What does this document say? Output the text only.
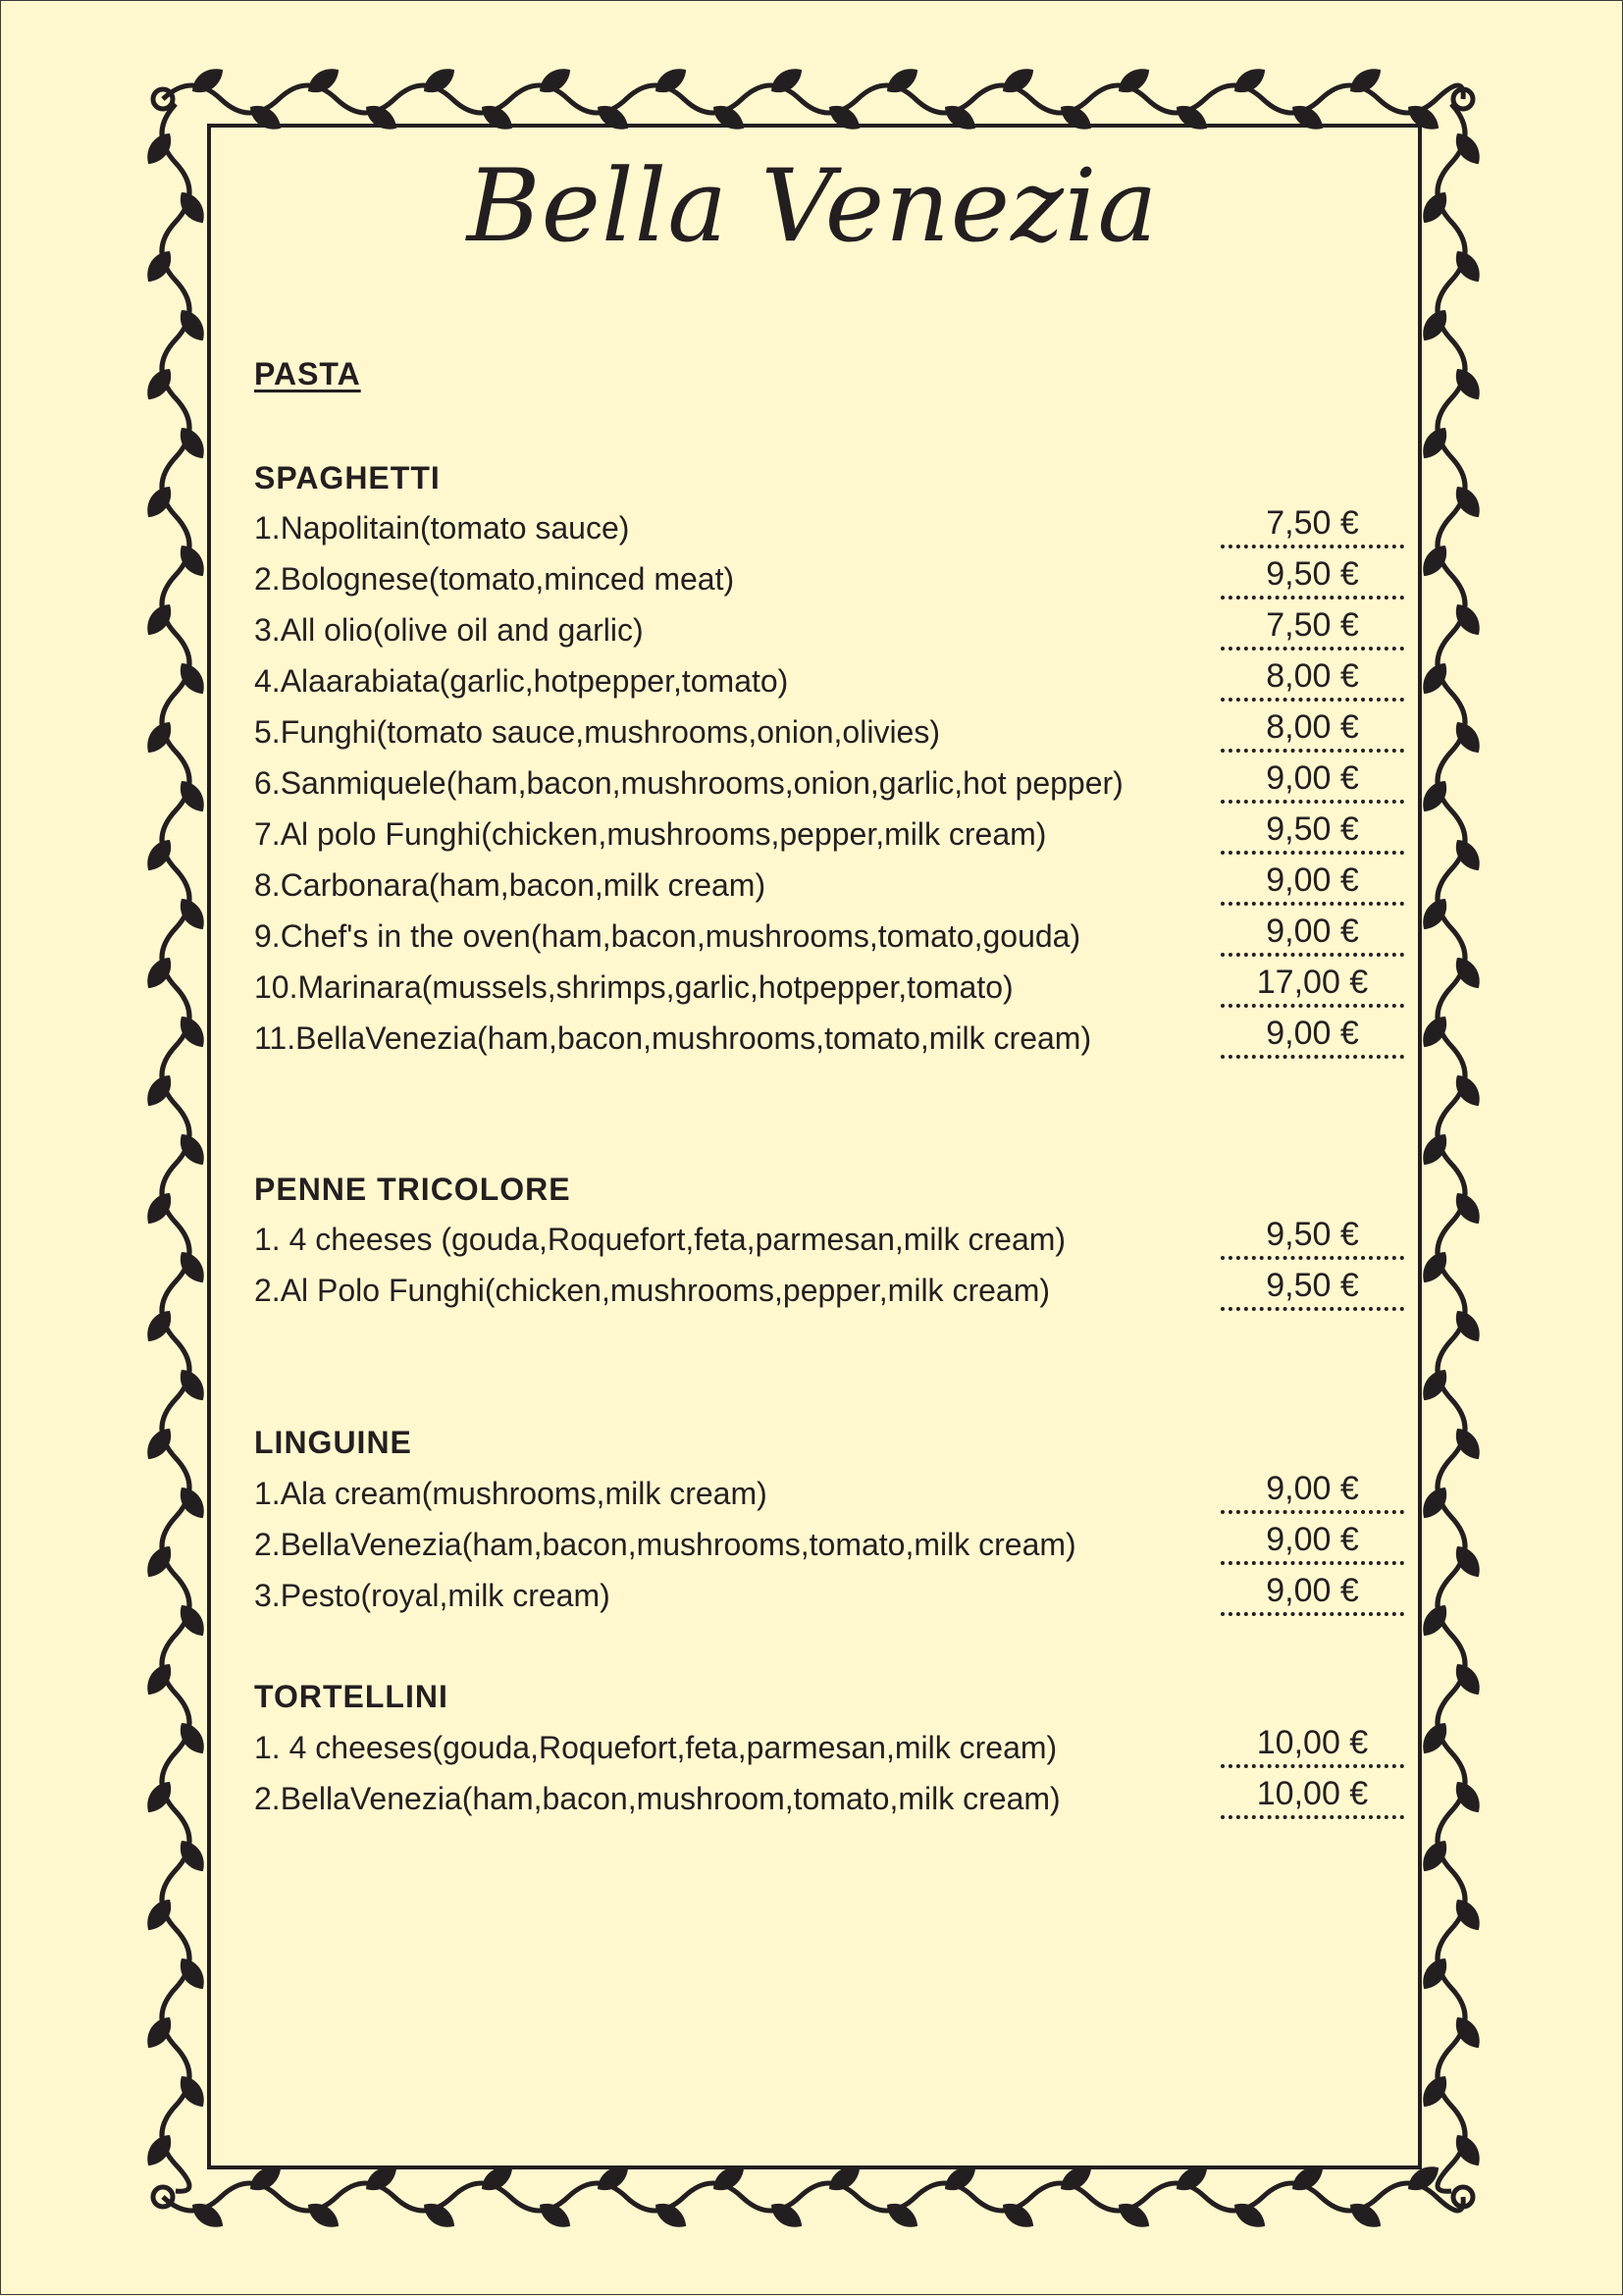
Bella Venezia
PASTA
SPAGHETTI
1.Napolitain(tomato sauce)	7,50 €
2.Bolognese(tomato,minced meat)	9,50 €
3.All olio(olive oil and garlic)	7,50 €
4.Alaarabiata(garlic,hotpepper,tomato)	8,00 €
5.Funghi(tomato sauce,mushrooms,onion,olivies)	8,00 €
6.Sanmiquele(ham,bacon,mushrooms,onion,garlic,hot pepper)	9,00 €
7.Al polo Funghi(chicken,mushrooms,pepper,milk cream)	9,50 €
8.Carbonara(ham,bacon,milk cream)	9,00 €
9.Chef's in the oven(ham,bacon,mushrooms,tomato,gouda)	9,00 €
10.Marinara(mussels,shrimps,garlic,hotpepper,tomato)	17,00 €
11.BellaVenezia(ham,bacon,mushrooms,tomato,milk cream)	9,00 €
PENNE TRICOLORE
1. 4 cheeses (gouda,Roquefort,feta,parmesan,milk cream)	9,50 €
2.Al Polo Funghi(chicken,mushrooms,pepper,milk cream)	9,50 €
LINGUINE
1.Ala cream(mushrooms,milk cream)	9,00 €
2.BellaVenezia(ham,bacon,mushrooms,tomato,milk cream)	9,00 €
3.Pesto(royal,milk cream)	9,00 €
TORTELLINI
1. 4 cheeses(gouda,Roquefort,feta,parmesan,milk cream)	10,00 €
2.BellaVenezia(ham,bacon,mushroom,tomato,milk cream)	10,00 €
